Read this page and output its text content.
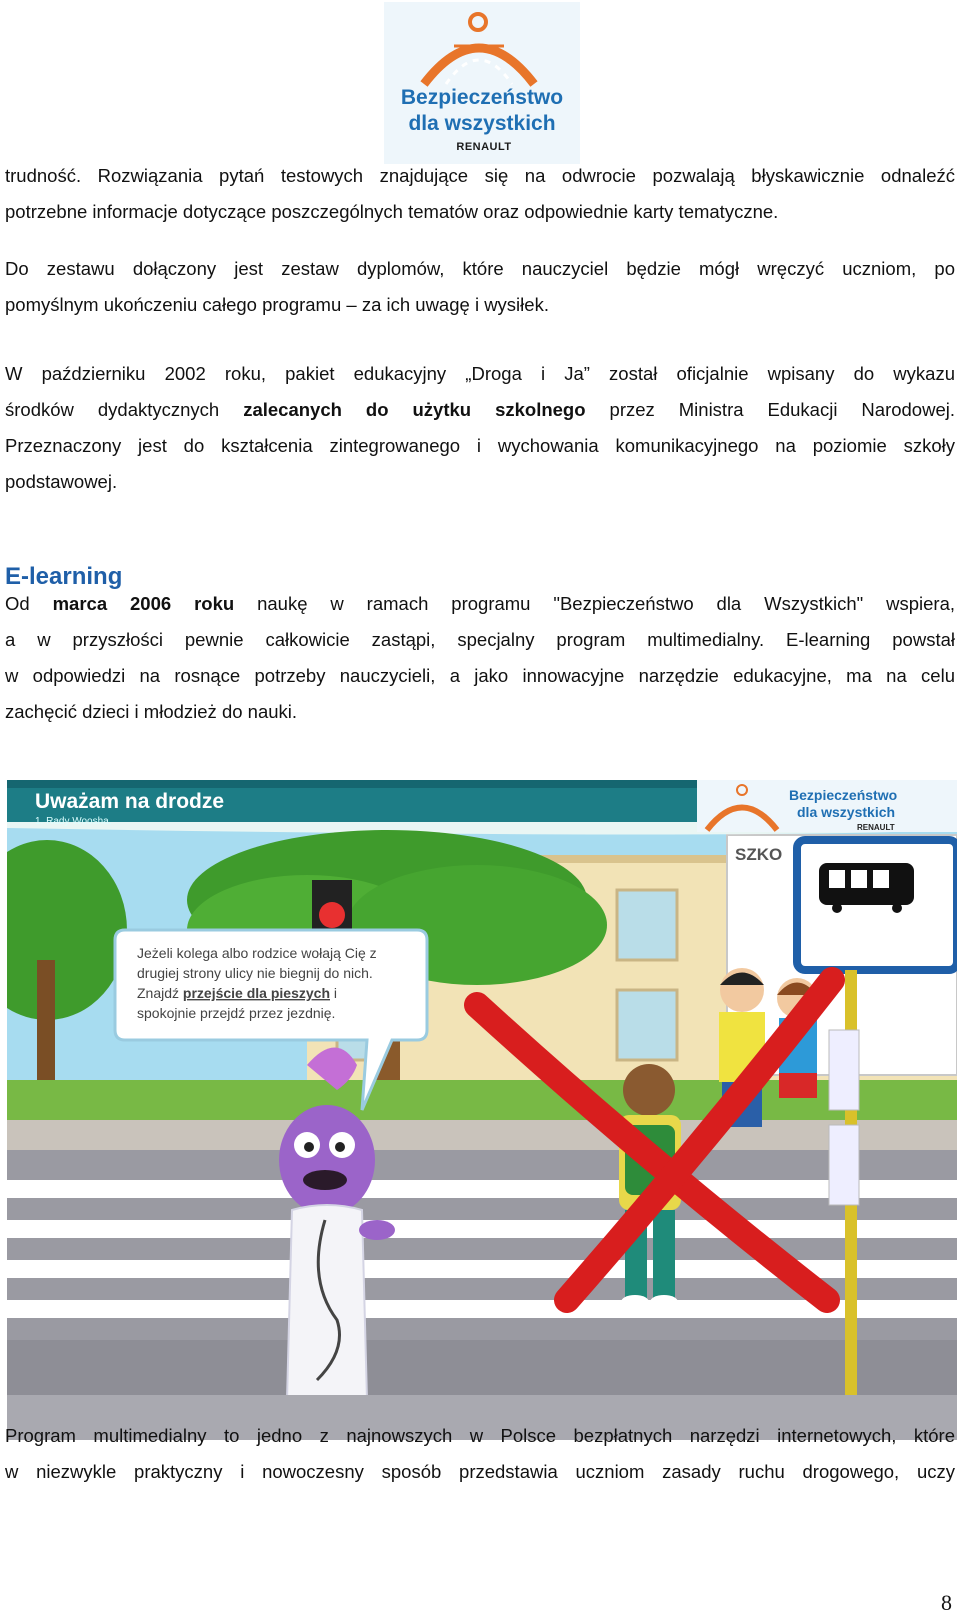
Bezpieczeństwo
dla wszystkich
RENAULT
trudność. Rozwiązania pytań testowych znajdujące się na odwrocie pozwalają błyskawicznie odnaleźć
potrzebne informacje dotyczące poszczególnych tematów oraz odpowiednie karty tematyczne.
Do zestawu dołączony jest zestaw dyplomów, które nauczyciel będzie mógł wręczyć uczniom, po
pomyślnym ukończeniu całego programu – za ich uwagę i wysiłek.
W październiku 2002 roku, pakiet edukacyjny „Droga i Ja” został oficjalnie wpisany do wykazu
środków dydaktycznych zalecanych do użytku szkolnego przez Ministra Edukacji Narodowej.
Przeznaczony jest do kształcenia zintegrowanego i wychowania komunikacyjnego na poziomie szkoły
podstawowej.
E-learning
Od marca 2006 roku naukę w ramach programu "Bezpieczeństwo dla Wszystkich" wspiera,
a w przyszłości pewnie całkowicie zastąpi, specjalny program multimedialny. E-learning powstał
w odpowiedzi na rosnące potrzeby nauczycieli, a jako innowacyjne narzędzie edukacyjne, ma na celu
zachęcić dzieci i młodzież do nauki.
SZKO
Uważam na drodze
1. Rady Woosha.
Bezpieczeństwo
dla wszystkich
RENAULT
Jeżeli kolega albo rodzice wołają Cię z
drugiej strony ulicy nie biegnij do nich.
Znajdź przejście dla pieszych i
spokojnie przejdź przez jezdnię.
Program multimedialny to jedno z najnowszych w Polsce bezpłatnych narzędzi internetowych, które
w niezwykle praktyczny i nowoczesny sposób przedstawia uczniom zasady ruchu drogowego, uczy
8
